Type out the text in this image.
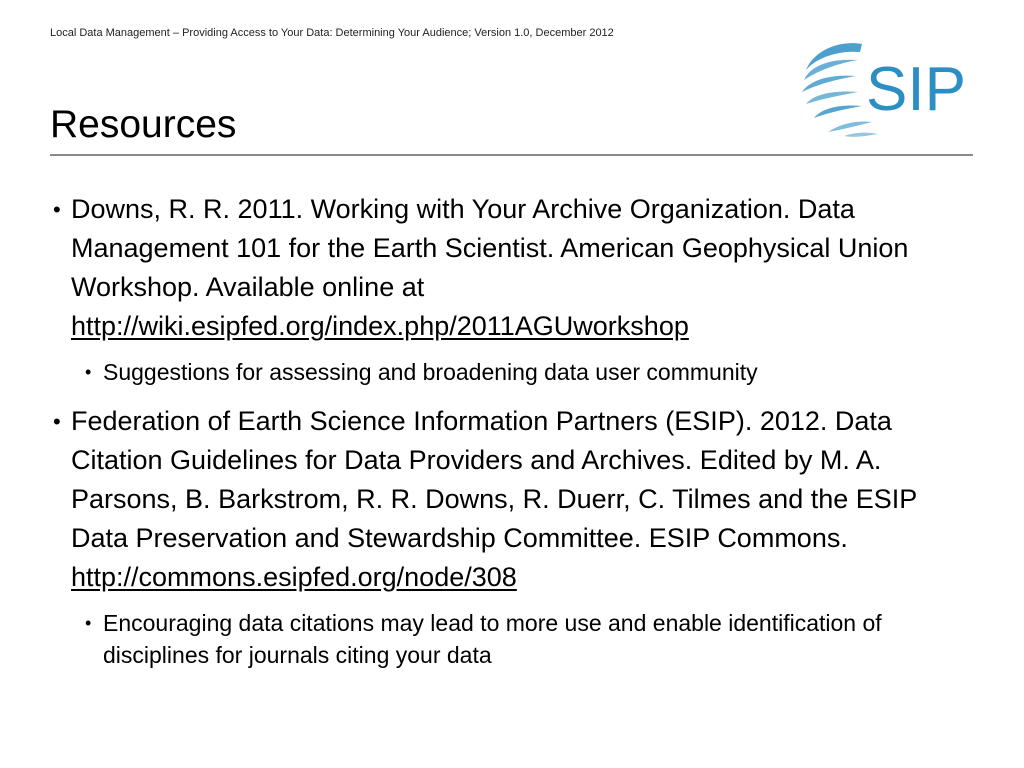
Local Data Management – Providing Access to Your Data: Determining Your Audience; Version 1.0, December 2012
SIP
Resources
• Downs, R. R. 2011. Working with Your Archive Organization. Data Management 101 for the Earth Scientist. American Geophysical Union Workshop. Available online at http://wiki.esipfed.org/index.php/2011AGUworkshop
• Suggestions for assessing and broadening data user community
• Federation of Earth Science Information Partners (ESIP). 2012. Data Citation Guidelines for Data Providers and Archives. Edited by M. A. Parsons, B. Barkstrom, R. R. Downs, R. Duerr, C. Tilmes and the ESIP Data Preservation and Stewardship Committee. ESIP Commons. http://commons.esipfed.org/node/308
• Encouraging data citations may lead to more use and enable identification of disciplines for journals citing your data
